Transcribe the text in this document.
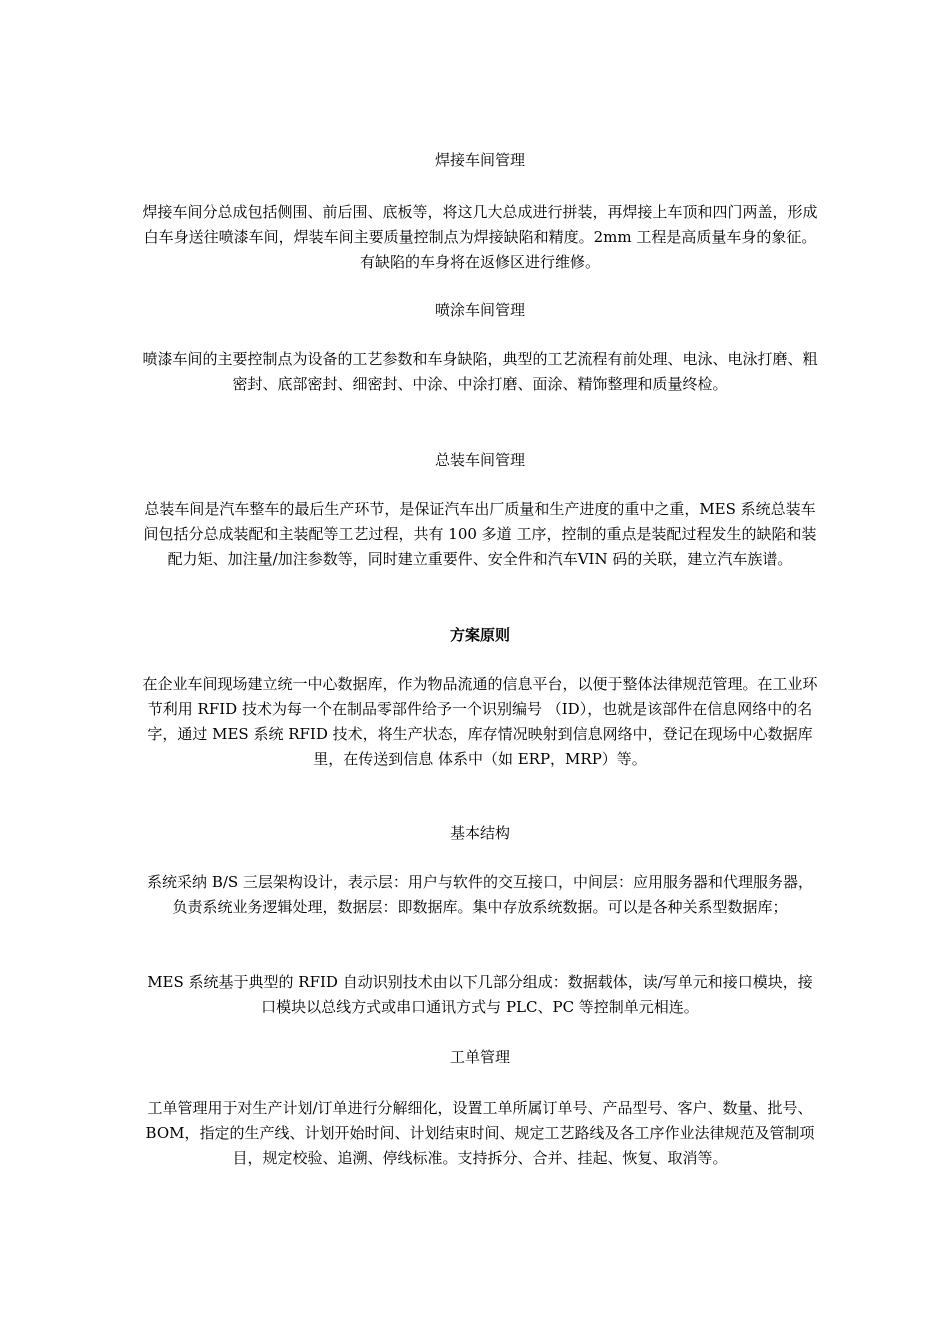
焊接车间管理

焊接车间分总成包括侧围、前后围、底板等，将这几大总成进行拼装，再焊接上车顶和四门两盖，形成白车身送往喷漆车间，焊装车间主要质量控制点为焊接缺陷和精度。2mm 工程是高质量车身的象征。有缺陷的车身将在返修区进行维修。

喷涂车间管理

喷漆车间的主要控制点为设备的工艺参数和车身缺陷，典型的工艺流程有前处理、电泳、电泳打磨、粗密封、底部密封、细密封、中涂、中涂打磨、面涂、精饰整理和质量终检。

总装车间管理

总装车间是汽车整车的最后生产环节，是保证汽车出厂质量和生产进度的重中之重，MES 系统总装车间包括分总成装配和主装配等工艺过程，共有 100 多道 工序，控制的重点是装配过程发生的缺陷和装配力矩、加注量/加注参数等，同时建立重要件、安全件和汽车VIN 码的关联，建立汽车族谱。

方案原则

在企业车间现场建立统一中心数据库，作为物品流通的信息平台，以便于整体法律规范管理。在工业环节利用 RFID 技术为每一个在制品零部件给予一个识别编号 （ID），也就是该部件在信息网络中的名字，通过 MES 系统 RFID 技术，将生产状态，库存情况映射到信息网络中，登记在现场中心数据库里，在传送到信息 体系中（如 ERP，MRP）等。

基本结构

系统采纳 B/S 三层架构设计，表示层：用户与软件的交互接口，中间层：应用服务器和代理服务器，负责系统业务逻辑处理，数据层：即数据库。集中存放系统数据。可以是各种关系型数据库；

MES 系统基于典型的 RFID 自动识别技术由以下几部分组成：数据载体，读/写单元和接口模块，接口模块以总线方式或串口通讯方式与 PLC、PC 等控制单元相连。

工单管理

工单管理用于对生产计划/订单进行分解细化，设置工单所属订单号、产品型号、客户、数量、批号、BOM，指定的生产线、计划开始时间、计划结束时间、规定工艺路线及各工序作业法律规范及管制项目，规定校验、追溯、停线标准。支持拆分、合并、挂起、恢复、取消等。
